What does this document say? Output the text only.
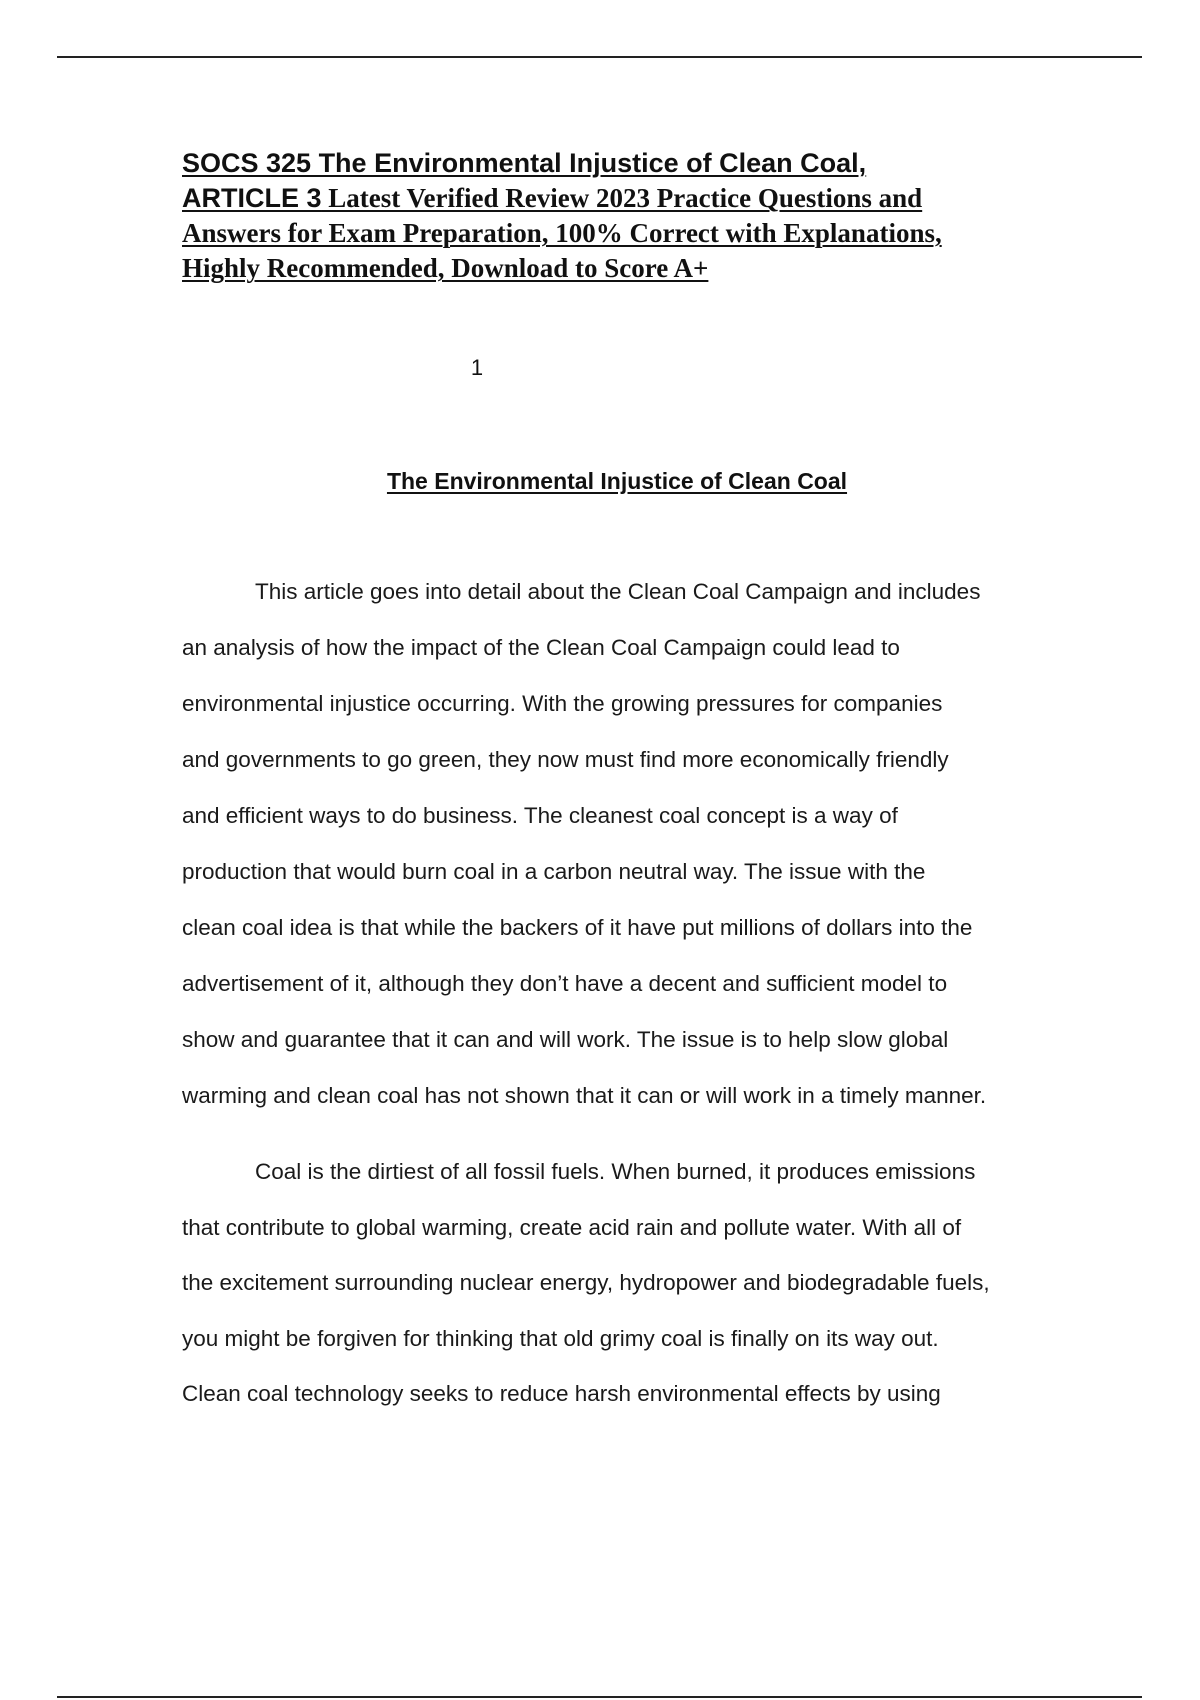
SOCS 325 The Environmental Injustice of Clean Coal,
ARTICLE 3 Latest Verified Review 2023 Practice Questions and
Answers for Exam Preparation, 100% Correct with Explanations,
Highly Recommended, Download to Score A+
1
The Environmental Injustice of Clean Coal
This article goes into detail about the Clean Coal Campaign and includes
an analysis of how the impact of the Clean Coal Campaign could lead to
environmental injustice occurring. With the growing pressures for companies
and governments to go green, they now must find more economically friendly
and efficient ways to do business. The cleanest coal concept is a way of
production that would burn coal in a carbon neutral way. The issue with the
clean coal idea is that while the backers of it have put millions of dollars into the
advertisement of it, although they don’t have a decent and sufficient model to
show and guarantee that it can and will work. The issue is to help slow global
warming and clean coal has not shown that it can or will work in a timely manner.
Coal is the dirtiest of all fossil fuels. When burned, it produces emissions
that contribute to global warming, create acid rain and pollute water. With all of
the excitement surrounding nuclear energy, hydropower and biodegradable fuels,
you might be forgiven for thinking that old grimy coal is finally on its way out.
Clean coal technology seeks to reduce harsh environmental effects by using
